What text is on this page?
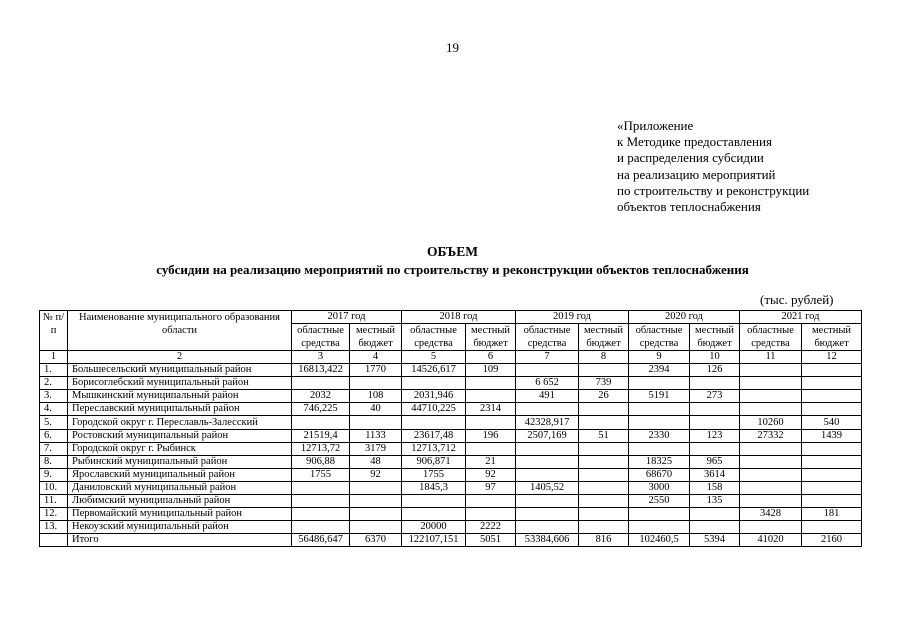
19
«Приложение
к Методике предоставления
и распределения субсидии
на реализацию мероприятий
по строительству и реконструкции
объектов теплоснабжения
ОБЪЕМ
субсидии на реализацию мероприятий по строительству и реконструкции объектов теплоснабжения
(тыс. рублей)
№ п/п	Наименование муниципального образования области	2017 год		2018 год		2019 год		2020 год		2021 год	
		областные средства	местный бюджет	областные средства	местный бюджет	областные средства	местный бюджет	областные средства	местный бюджет	областные средства	местный бюджет
1	2	3	4	5	6	7	8	9	10	11	12
1.	Большесельский муниципальный район	16813,422	1770	14526,617	109			2394	126		
2.	Борисоглебский муниципальный район					6 652	739				
3.	Мышкинский муниципальный район	2032	108	2031,946		491	26	5191	273		
4.	Переславский муниципальный район	746,225	40	44710,225	2314						
5.	Городской округ г. Переславль-Залесский					42328,917				10260	540
6.	Ростовский муниципальный район	21519,4	1133	23617,48	196	2507,169	51	2330	123	27332	1439
7.	Городской округ г. Рыбинск	12713,72	3179	12713,712							
8.	Рыбинский муниципальный район	906,88	48	906,871	21			18325	965		
9.	Ярославский муниципальный район	1755	92	1755	92			68670	3614		
10.	Даниловский муниципальный район			1845,3	97	1405,52		3000	158		
11.	Любимский муниципальный район							2550	135		
12.	Первомайский муниципальный район									3428	181
13.	Некоузский муниципальный район			20000	2222						
	Итого	56486,647	6370	122107,151	5051	53384,606	816	102460,5	5394	41020	2160
